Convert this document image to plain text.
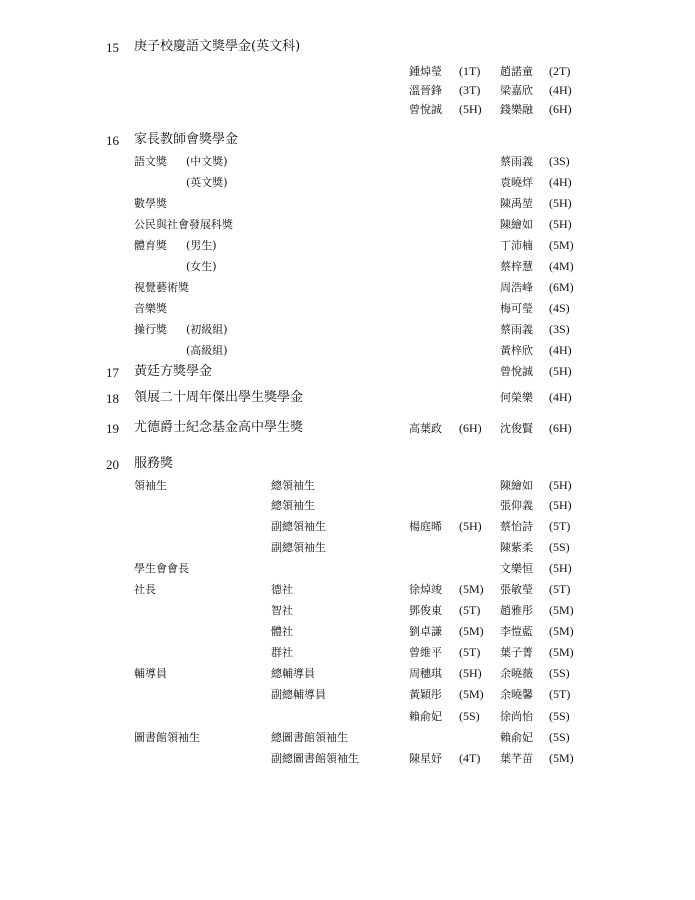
15 庚子校慶語文獎學金(英文科)
鍾焯瑩 (1T) 趙諾童 (2T)
溫晉鋒 (3T) 梁嘉欣 (4H)
曾悅誠 (5H) 錢樂融 (6H)
16 家長教師會獎學金
語文獎 (中文獎)	蔡雨義 (3S)
(英文獎)	袁曉烊 (4H)
數學獎	陳禹堃 (5H)
公民與社會發展科獎	陳繪如 (5H)
體育獎 (男生)	丁沛楠 (5M)
(女生)	蔡梓慧 (4M)
視覺藝術獎	周浩峰 (6M)
音樂獎	梅可瑩 (4S)
操行獎 (初級組)	蔡雨義 (3S)
(高級組)	黃梓欣 (4H)
17 黃廷方獎學金	曾悅誠 (5H)
18 領展二十周年傑出學生獎學金	何榮樂 (4H)
19 尤德爵士紀念基金高中學生獎	高葉政 (6H) 沈俊賢 (6H)
20 服務獎
領袖生	總領袖生	陳繪如 (5H)
總領袖生	張仰義 (5H)
副總領袖生	楊庭晞 (5H) 蔡怡詩 (5T)
副總領袖生	陳紫柔 (5S)
學生會會長	文樂恒 (5H)
社長	德社	徐焯竣 (5M) 張敏瑩 (5T)
智社	鄧俊東 (5T) 趙雅彤 (5M)
體社	劉卓謙 (5M) 李愷藍 (5M)
群社	曾維平 (5T) 葉子菁 (5M)
輔導員	總輔導員	周穗琪 (5H) 余曉薇 (5S)
副總輔導員	黃穎彤 (5M) 余曉馨 (5T)
賴俞妃 (5S) 徐尚怡 (5S)
圖書館領袖生	總圖書館領袖生	賴俞妃 (5S)
副總圖書館領袖生	陳星妤 (4T) 葉芊苗 (5M)
